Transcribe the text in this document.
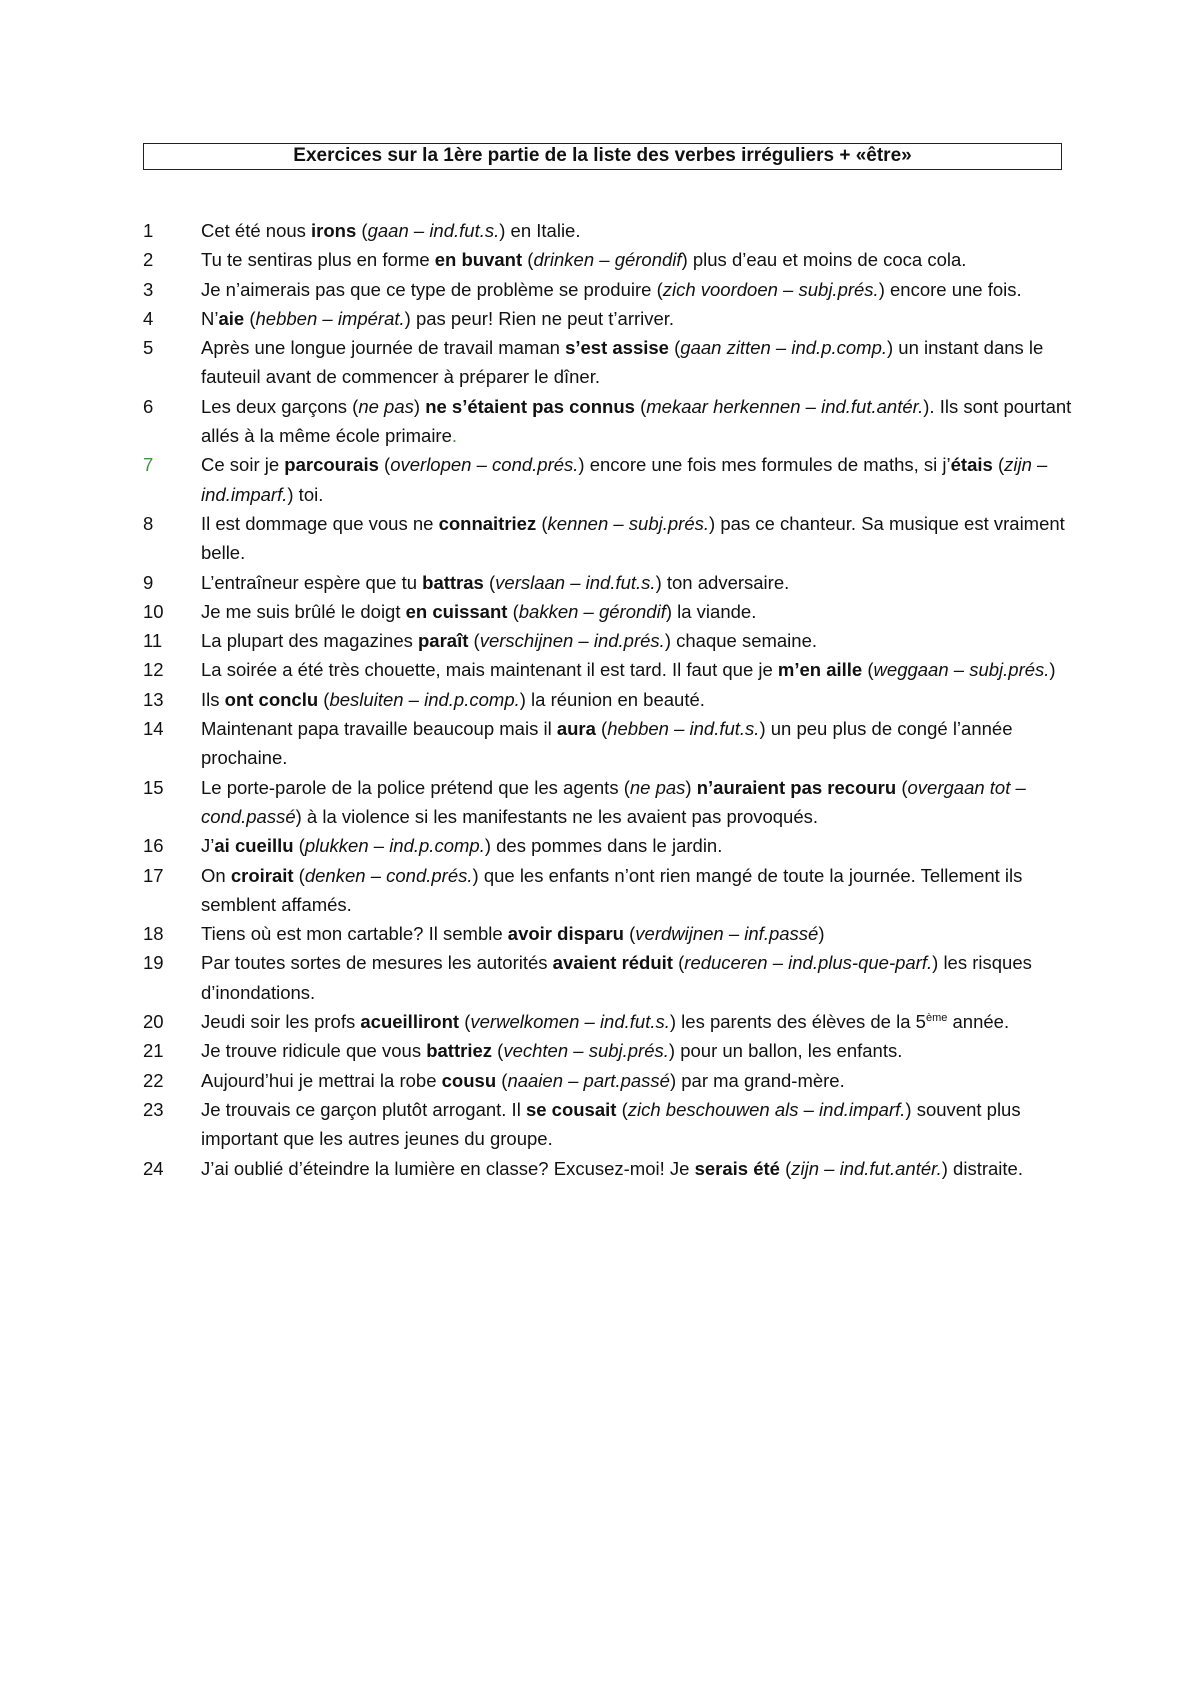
Exercices sur la 1ère partie de la liste des verbes irréguliers + «être»
1	Cet été nous irons (gaan – ind.fut.s.) en Italie.
2	Tu te sentiras plus en forme en buvant (drinken – gérondif) plus d’eau et moins de coca cola.
3	Je n’aimerais pas que ce type de problème se produire (zich voordoen – subj.prés.) encore une fois.
4	N’aie (hebben – impérat.) pas peur! Rien ne peut t’arriver.
5	Après une longue journée de travail maman s’est assise (gaan zitten – ind.p.comp.) un instant dans le fauteuil avant de commencer à préparer le dîner.
6	Les deux garçons (ne pas) ne s’étaient pas connus (mekaar herkennen – ind.fut.antér.). Ils sont pourtant allés à la même école primaire.
7	Ce soir je parcourais (overlopen – cond.prés.) encore une fois mes formules de maths, si j’étais (zijn – ind.imparf.) toi.
8	Il est dommage que vous ne connaitriez (kennen – subj.prés.) pas ce chanteur. Sa musique est vraiment belle.
9	L’entraîneur espère que tu battras (verslaan – ind.fut.s.) ton adversaire.
10	Je me suis brûlé le doigt en cuissant (bakken – gérondif) la viande.
11	La plupart des magazines paraît (verschijnen – ind.prés.) chaque semaine.
12	La soirée a été très chouette, mais maintenant il est tard. Il faut que je m’en aille (weggaan – subj.prés.)
13	Ils ont conclu (besluiten – ind.p.comp.) la réunion en beauté.
14	Maintenant papa travaille beaucoup mais il aura (hebben – ind.fut.s.) un peu plus de congé l’année prochaine.
15	Le porte-parole de la police prétend que les agents (ne pas) n’auraient pas recouru (overgaan tot – cond.passé) à la violence si les manifestants ne les avaient pas provoqués.
16	J’ai cueillu (plukken – ind.p.comp.) des pommes dans le jardin.
17	On croirait (denken – cond.prés.) que les enfants n’ont rien mangé de toute la journée. Tellement ils semblent affamés.
18	Tiens où est mon cartable? Il semble avoir disparu (verdwijnen – inf.passé)
19	Par toutes sortes de mesures les autorités avaient réduit (reduceren – ind.plus-que-parf.) les risques d’inondations.
20	Jeudi soir les profs acueilliront (verwelkomen – ind.fut.s.) les parents des élèves de la 5ème année.
21	Je trouve ridicule que vous battriez (vechten – subj.prés.) pour un ballon, les enfants.
22	Aujourd’hui je mettrai la robe cousu (naaien – part.passé) par ma grand-mère.
23	Je trouvais ce garçon plutôt arrogant. Il se cousait (zich beschouwen als – ind.imparf.) souvent plus important que les autres jeunes du groupe.
24	J’ai oublié d’éteindre la lumière en classe? Excusez-moi! Je serais été (zijn – ind.fut.antér.) distraite.
